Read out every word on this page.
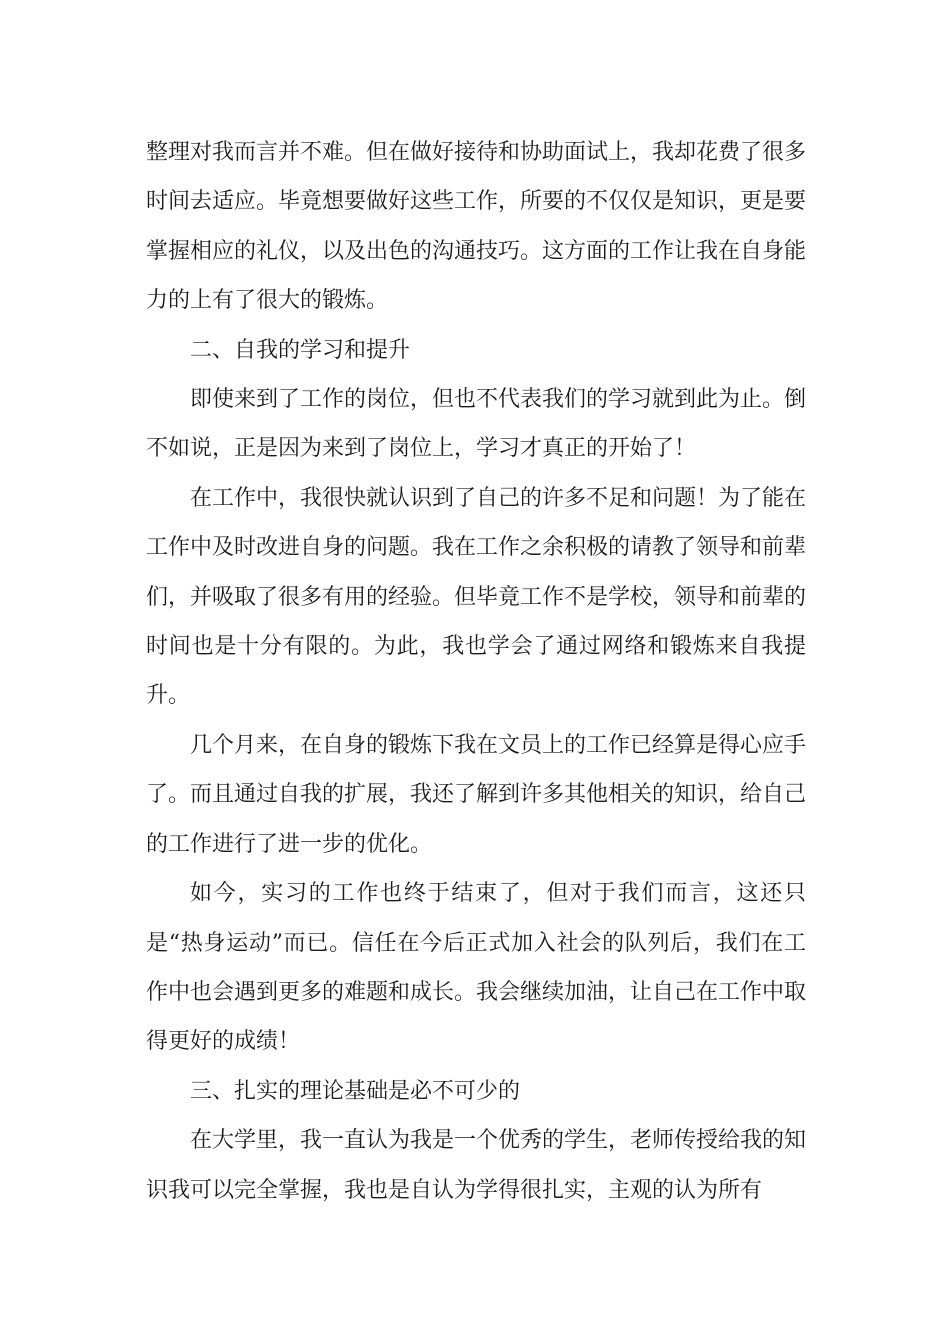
整理对我而言并不难。但在做好接待和协助面试上，我却花费了很多时间去适应。毕竟想要做好这些工作，所要的不仅仅是知识，更是要掌握相应的礼仪，以及出色的沟通技巧。这方面的工作让我在自身能力的上有了很大的锻炼。

二、自我的学习和提升

即使来到了工作的岗位，但也不代表我们的学习就到此为止。倒不如说，正是因为来到了岗位上，学习才真正的开始了！

在工作中，我很快就认识到了自己的许多不足和问题！为了能在工作中及时改进自身的问题。我在工作之余积极的请教了领导和前辈们，并吸取了很多有用的经验。但毕竟工作不是学校，领导和前辈的时间也是十分有限的。为此，我也学会了通过网络和锻炼来自我提升。

几个月来，在自身的锻炼下我在文员上的工作已经算是得心应手了。而且通过自我的扩展，我还了解到许多其他相关的知识，给自己的工作进行了进一步的优化。

如今，实习的工作也终于结束了，但对于我们而言，这还只是“热身运动”而已。信任在今后正式加入社会的队列后，我们在工作中也会遇到更多的难题和成长。我会继续加油，让自己在工作中取得更好的成绩！

三、扎实的理论基础是必不可少的

在大学里，我一直认为我是一个优秀的学生，老师传授给我的知识我可以完全掌握，我也是自认为学得很扎实，主观的认为所有
